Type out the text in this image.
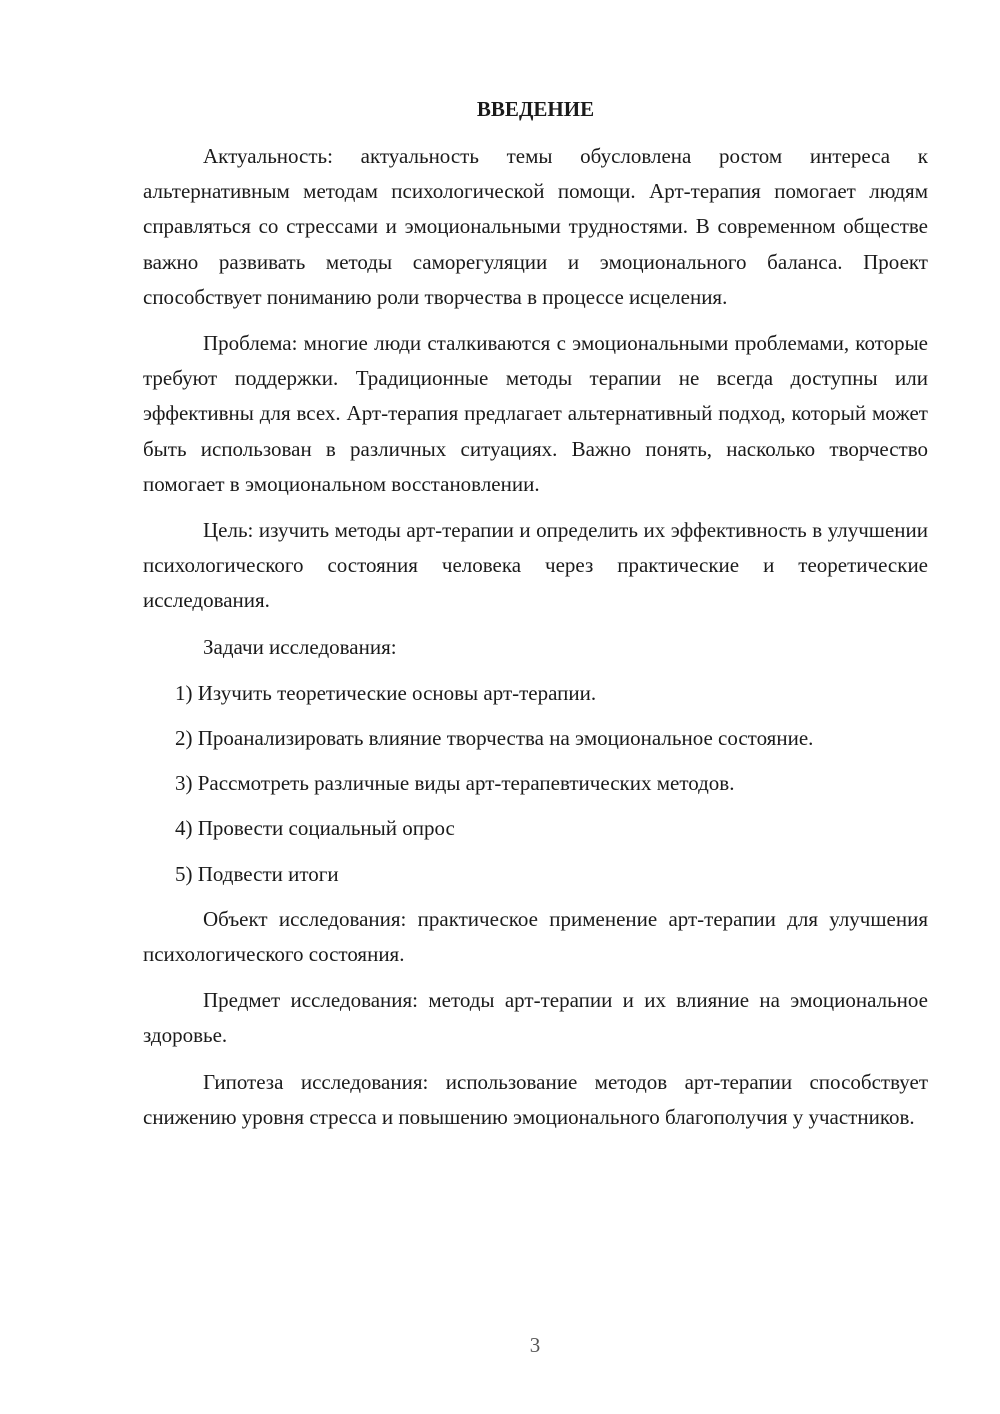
ВВЕДЕНИЕ

Актуальность: актуальность темы обусловлена ростом интереса к альтернативным методам психологической помощи. Арт-терапия помогает людям справляться со стрессами и эмоциональными трудностями. В современном обществе важно развивать методы саморегуляции и эмоционального баланса. Проект способствует пониманию роли творчества в процессе исцеления.

Проблема: многие люди сталкиваются с эмоциональными проблемами, которые требуют поддержки. Традиционные методы терапии не всегда доступны или эффективны для всех. Арт-терапия предлагает альтернативный подход, который может быть использован в различных ситуациях. Важно понять, насколько творчество помогает в эмоциональном восстановлении.

Цель: изучить методы арт-терапии и определить их эффективность в улучшении психологического состояния человека через практические и теоретические исследования.

Задачи исследования:

1) Изучить теоретические основы арт-терапии.

2) Проанализировать влияние творчества на эмоциональное состояние.

3) Рассмотреть различные виды арт-терапевтических методов.

4) Провести социальный опрос

5) Подвести итоги

Объект исследования: практическое применение арт-терапии для улучшения психологического состояния.

Предмет исследования: методы арт-терапии и их влияние на эмоциональное здоровье.

Гипотеза исследования: использование методов арт-терапии способствует снижению уровня стресса и повышению эмоционального благополучия у участников.

3
